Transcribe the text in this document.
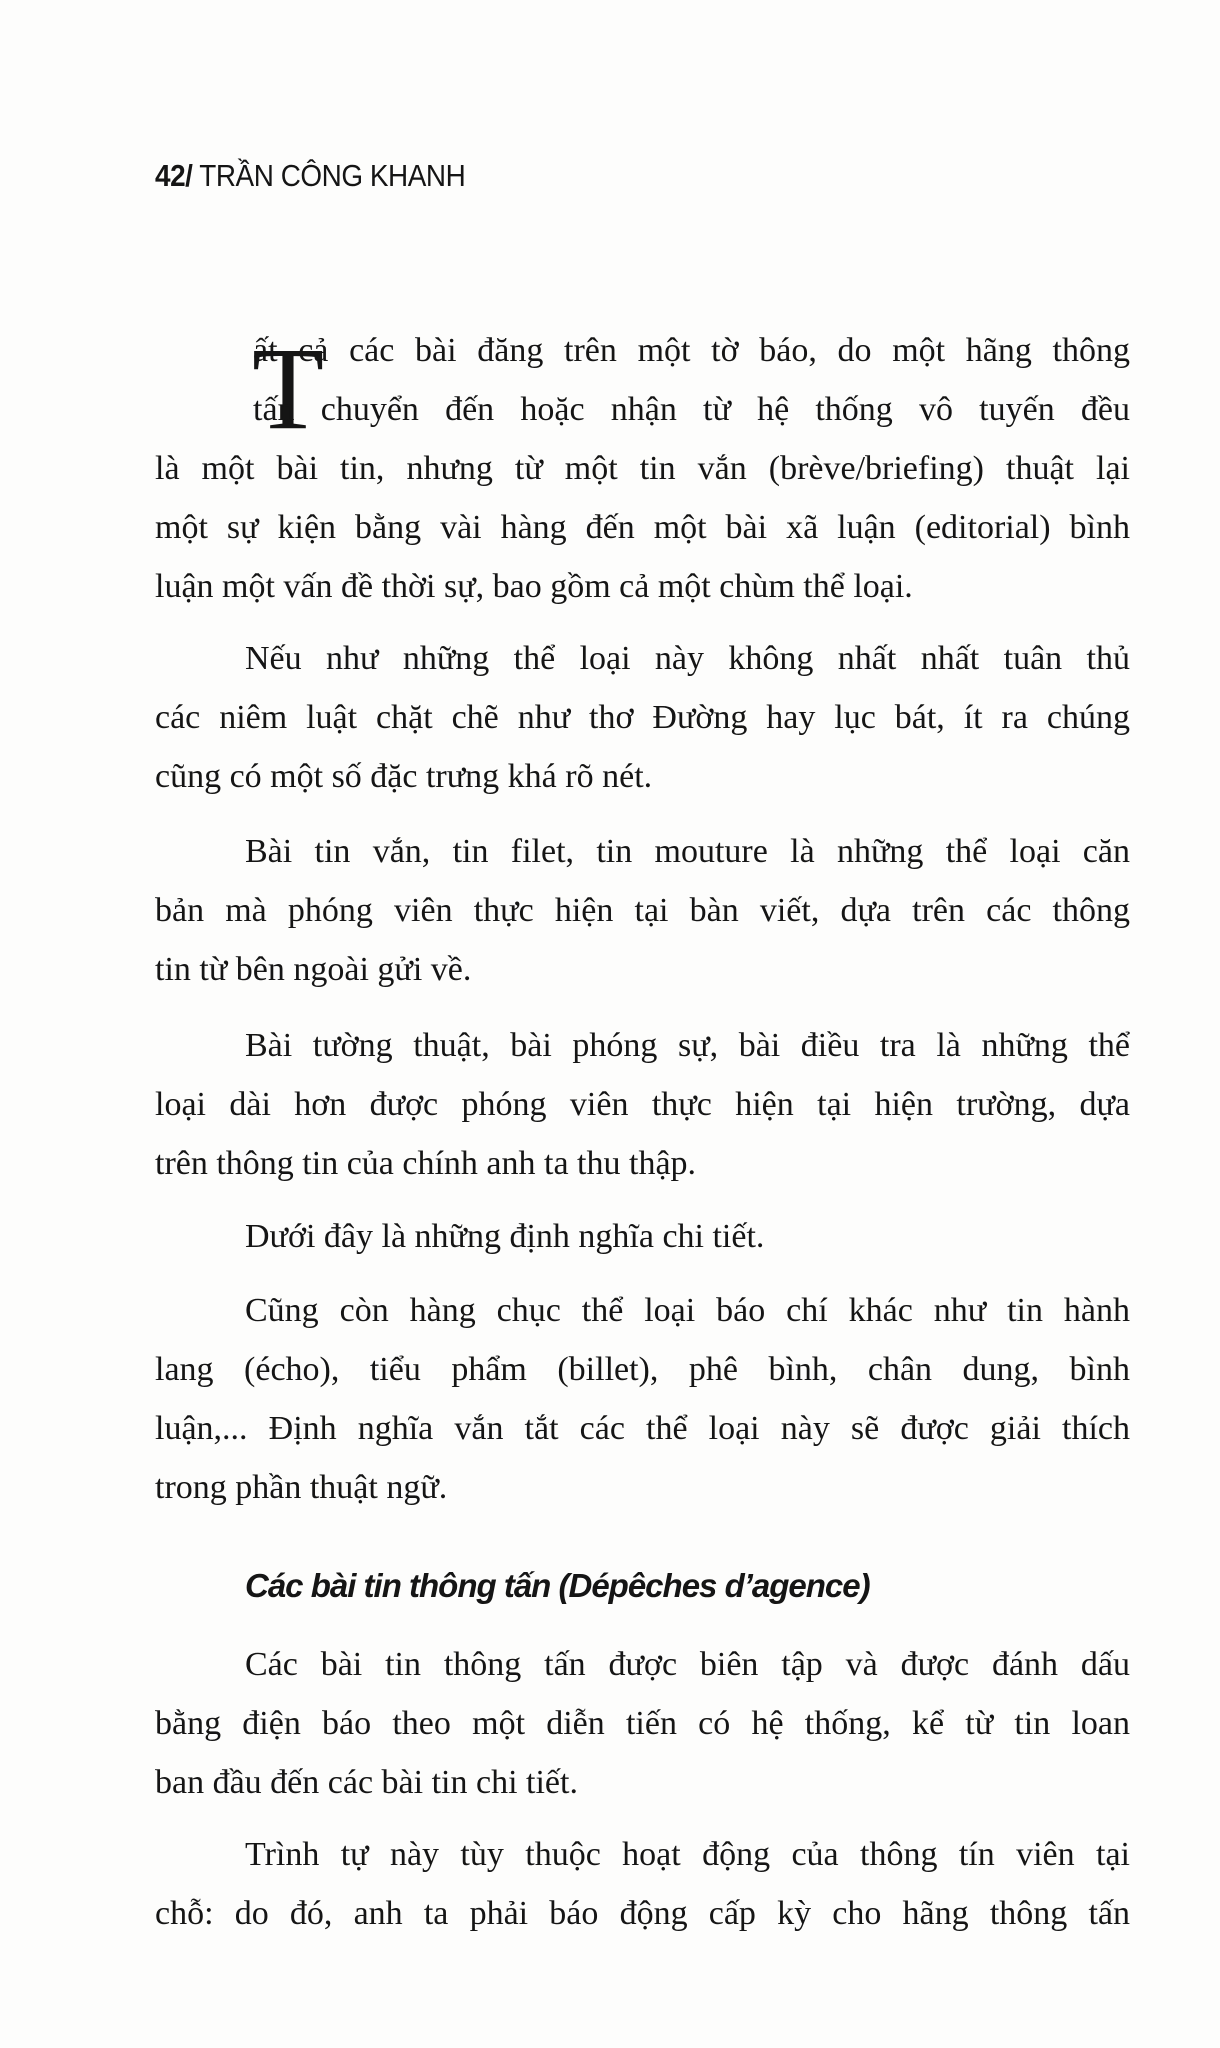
42/ TRẦN CÔNG KHANH
T
ất cả các bài đăng trên một tờ báo, do một hãng thông
tấn chuyển đến hoặc nhận từ hệ thống vô tuyến đều
là một bài tin, nhưng từ một tin vắn (brève/briefing) thuật lại
một sự kiện bằng vài hàng đến một bài xã luận (editorial) bình
luận một vấn đề thời sự, bao gồm cả một chùm thể loại.
Nếu như những thể loại này không nhất nhất tuân thủ
các niêm luật chặt chẽ như thơ Đường hay lục bát, ít ra chúng
cũng có một số đặc trưng khá rõ nét.
Bài tin vắn, tin filet, tin mouture là những thể loại căn
bản mà phóng viên thực hiện tại bàn viết, dựa trên các thông
tin từ bên ngoài gửi về.
Bài tường thuật, bài phóng sự, bài điều tra là những thể
loại dài hơn được phóng viên thực hiện tại hiện trường, dựa
trên thông tin của chính anh ta thu thập.
Dưới đây là những định nghĩa chi tiết.
Cũng còn hàng chục thể loại báo chí khác như tin hành
lang (écho), tiểu phẩm (billet), phê bình, chân dung, bình
luận,... Định nghĩa vắn tắt các thể loại này sẽ được giải thích
trong phần thuật ngữ.
Các bài tin thông tấn được biên tập và được đánh dấu
bằng điện báo theo một diễn tiến có hệ thống, kể từ tin loan
ban đầu đến các bài tin chi tiết.
Trình tự này tùy thuộc hoạt động của thông tín viên tại
chỗ: do đó, anh ta phải báo động cấp kỳ cho hãng thông tấn
Các bài tin thông tấn (Dépêches d’agence)
